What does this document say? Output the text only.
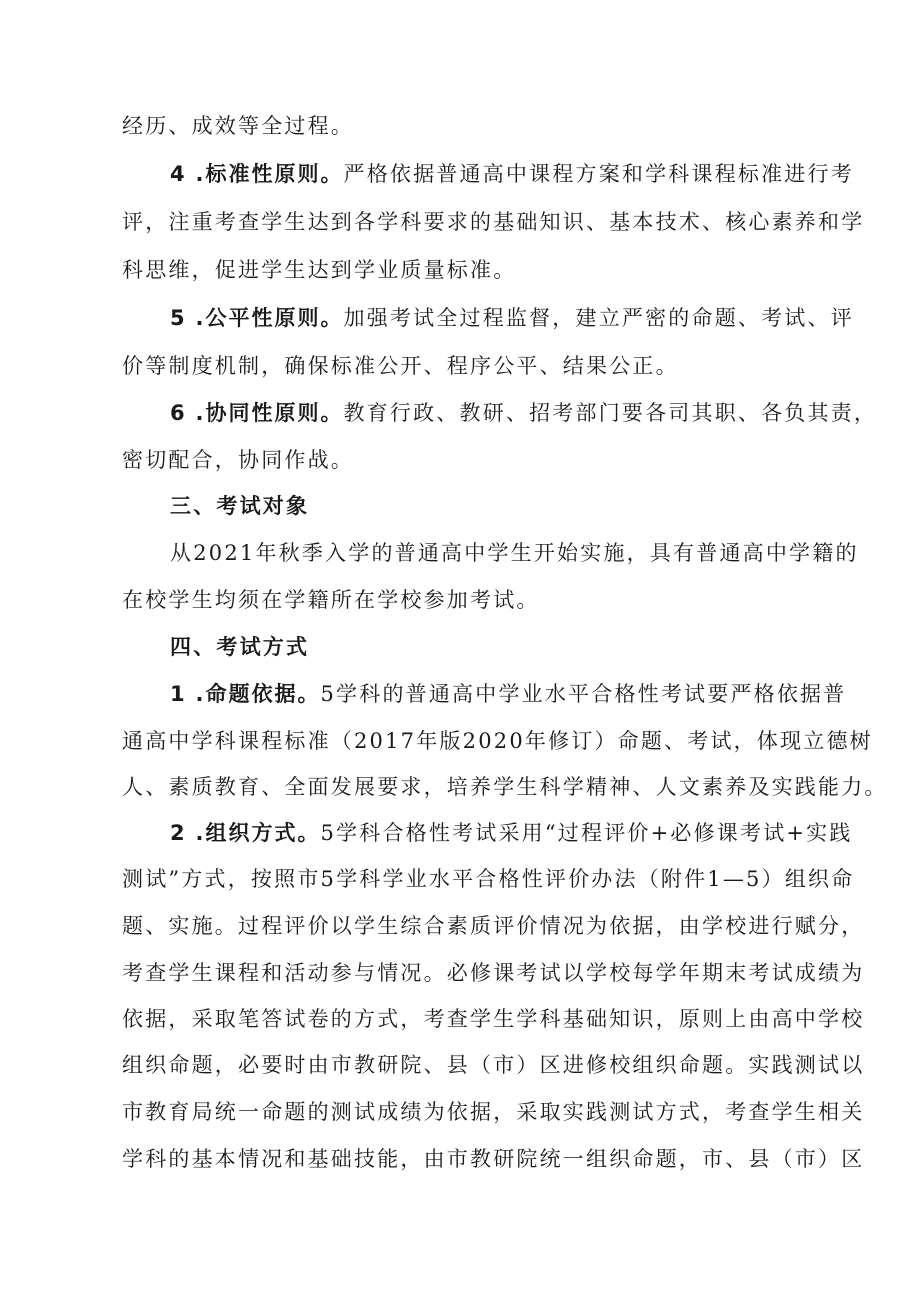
经历、成效等全过程。
4 .标准性原则。严格依据普通高中课程方案和学科课程标准进行考
评，注重考查学生达到各学科要求的基础知识、基本技术、核心素养和学
科思维，促进学生达到学业质量标准。
5 .公平性原则。加强考试全过程监督，建立严密的命题、考试、评
价等制度机制，确保标准公开、程序公平、结果公正。
6 .协同性原则。教育行政、教研、招考部门要各司其职、各负其责，
密切配合，协同作战。
三、考试对象
从2021年秋季入学的普通高中学生开始实施，具有普通高中学籍的
在校学生均须在学籍所在学校参加考试。
四、考试方式
1 .命题依据。5学科的普通高中学业水平合格性考试要严格依据普
通高中学科课程标准（2017年版2020年修订）命题、考试，体现立德树
人、素质教育、全面发展要求，培养学生科学精神、人文素养及实践能力。
2 .组织方式。5学科合格性考试采用“过程评价+必修课考试+实践
测试”方式，按照市5学科学业水平合格性评价办法（附件1—5）组织命
题、实施。过程评价以学生综合素质评价情况为依据，由学校进行赋分，
考查学生课程和活动参与情况。必修课考试以学校每学年期末考试成绩为
依据，采取笔答试卷的方式，考查学生学科基础知识，原则上由高中学校
组织命题，必要时由市教研院、县（市）区进修校组织命题。实践测试以
市教育局统一命题的测试成绩为依据，采取实践测试方式，考查学生相关
学科的基本情况和基础技能，由市教研院统一组织命题，市、县（市）区
